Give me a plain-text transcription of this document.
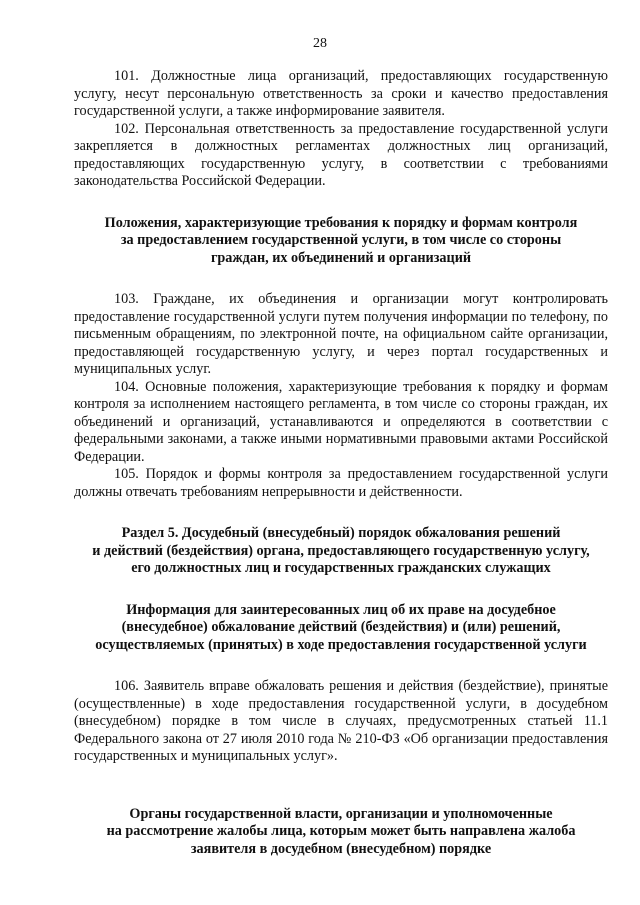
28

101. Должностные лица организаций, предоставляющих государственную услугу, несут персональную ответственность за сроки и качество предоставления государственной услуги, а также информирование заявителя.

102. Персональная ответственность за предоставление государственной услуги закрепляется в должностных регламентах должностных лиц организаций, предоставляющих государственную услугу, в соответствии с требованиями законодательства Российской Федерации.

Положения, характеризующие требования к порядку и формам контроля
за предоставлением государственной услуги, в том числе со стороны
граждан, их объединений и организаций

103. Граждане, их объединения и организации могут контролировать предоставление государственной услуги путем получения информации по телефону, по письменным обращениям, по электронной почте, на официальном сайте организации, предоставляющей государственную услугу, и через портал государственных и муниципальных услуг.

104. Основные положения, характеризующие требования к порядку и формам контроля за исполнением настоящего регламента, в том числе со стороны граждан, их объединений и организаций, устанавливаются и определяются в соответствии с федеральными законами, а также иными нормативными правовыми актами Российской Федерации.

105. Порядок и формы контроля за предоставлением государственной услуги должны отвечать требованиям непрерывности и действенности.

Раздел 5. Досудебный (внесудебный) порядок обжалования решений
и действий (бездействия) органа, предоставляющего государственную услугу,
его должностных лиц и государственных гражданских служащих
Информация для заинтересованных лиц об их праве на досудебное
(внесудебное) обжалование действий (бездействия) и (или) решений,
осуществляемых (принятых) в ходе предоставления государственной услуги

106. Заявитель вправе обжаловать решения и действия (бездействие), принятые (осуществленные) в ходе предоставления государственной услуги, в досудебном (внесудебном) порядке в том числе в случаях, предусмотренных статьей 11.1 Федерального закона от 27 июля 2010 года № 210-ФЗ «Об организации предоставления государственных и муниципальных услуг».

Органы государственной власти, организации и уполномоченные
на рассмотрение жалобы лица, которым может быть направлена жалоба
заявителя в досудебном (внесудебном) порядке
